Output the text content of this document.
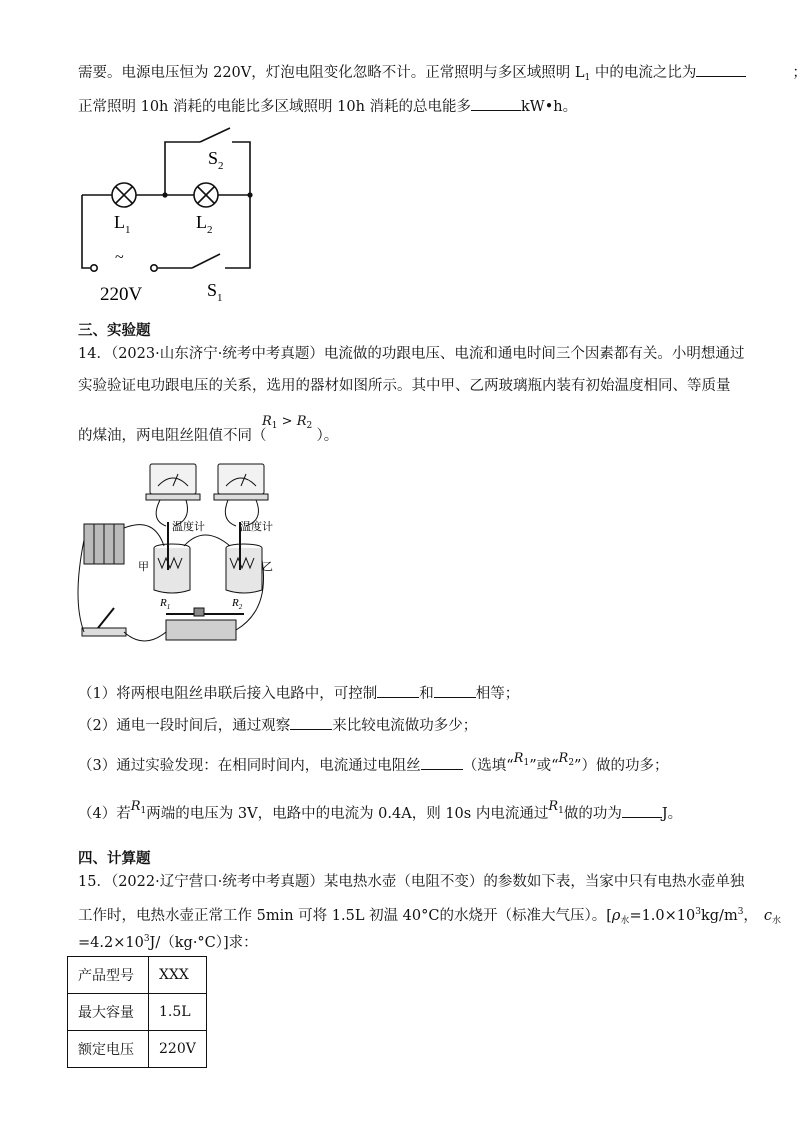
需要。电源电压恒为 220V，灯泡电阻变化忽略不计。正常照明与多区域照明 $L_1$ 中的电流之比为	；
正常照明 10h 消耗的电能比多区域照明 10h 消耗的总电能多	kW•h。
$S_2$
$L_1$	$L_2$
~
220V	$S_1$
三、实验题
14．（2023·山东济宁·统考中考真题）电流做的功跟电压、电流和通电时间三个因素都有关。小明想通过
实验验证电功跟电压的关系，选用的器材如图所示。其中甲、乙两玻璃瓶内装有初始温度相同、等质量
的煤油，两电阻丝阻值不同（	）。
$R_1 > R_2$
温度计	温度计
甲	乙
$R_1$	$R_2$
（1）将两根电阻丝串联后接入电路中，可控制	和	相等；
（2）通电一段时间后，通过观察	来比较电流做功多少；
（3）通过实验发现：在相同时间内，电流通过电阻丝	（选填“$R_1$”或“$R_2$”）做的功多；
（4）若$R_1$两端的电压为 3V，电路中的电流为 0.4A，则 10s 内电流通过$R_1$做的功为	J。
四、计算题
15．（2022·辽宁营口·统考中考真题）某电热水壶（电阻不变）的参数如下表，当家中只有电热水壶单独
工作时，电热水壶正常工作 5min 可将 1.5L 初温 40°C的水烧开（标准大气压）。[$\rho_水=1.0\times 10^3kg/m^3$， $c_水$
$=4.2\times 10^3J/(kg\cdot^\circ C)$]求：
产品型号	XXX
最大容量	1.5L
额定电压	220V
